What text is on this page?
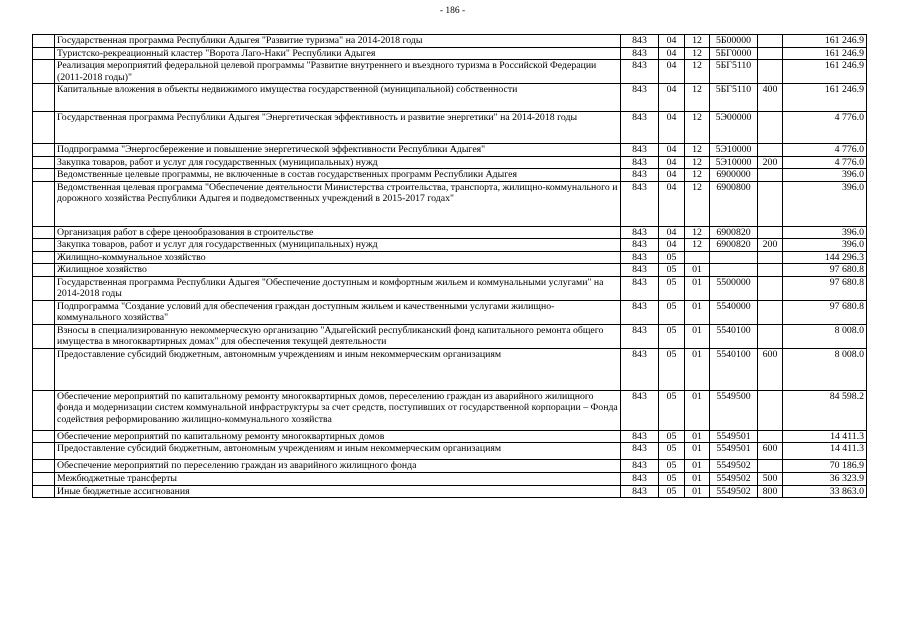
- 186 -
	Государственная программа Республики Адыгея "Развитие туризма" на 2014-2018 годы	843	04	12	5Б00000		161 246.9
	Туристско-рекреационный кластер "Ворота Лаго-Наки" Республики Адыгея	843	04	12	5БГ0000		161 246.9
	Реализация мероприятий федеральной целевой программы "Развитие внутреннего и въездного туризма в Российской Федерации (2011-2018 годы)"	843	04	12	5БГ5110		161 246.9
	Капитальные вложения в объекты недвижимого имущества государственной (муниципальной) собственности	843	04	12	5БГ5110	400	161 246.9
	Государственная программа Республики Адыгея "Энергетическая эффективность и развитие энергетики" на 2014-2018 годы	843	04	12	5Э00000		4 776.0
	Подпрограмма "Энергосбережение и повышение энергетической эффективности Республики Адыгея"	843	04	12	5Э10000		4 776.0
	Закупка товаров, работ и услуг для государственных (муниципальных) нужд	843	04	12	5Э10000	200	4 776.0
	Ведомственные целевые программы, не включенные в состав государственных программ Республики Адыгея	843	04	12	6900000		396.0
	Ведомственная целевая программа "Обеспечение деятельности Министерства строительства, транспорта, жилищно-коммунального и дорожного хозяйства Республики Адыгея и подведомственных учреждений в 2015-2017 годах"	843	04	12	6900800		396.0
	Организация работ в сфере ценообразования в строительстве	843	04	12	6900820		396.0
	Закупка товаров, работ и услуг для государственных (муниципальных) нужд	843	04	12	6900820	200	396.0
	Жилищно-коммунальное хозяйство	843	05				144 296.3
	Жилищное хозяйство	843	05	01			97 680.8
	Государственная программа Республики Адыгея "Обеспечение доступным и комфортным жильем и коммунальными услугами" на 2014-2018 годы	843	05	01	5500000		97 680.8
	Подпрограмма "Создание условий для обеспечения граждан доступным жильем и качественными услугами жилищно-коммунального хозяйства"	843	05	01	5540000		97 680.8
	Взносы в специализированную некоммерческую организацию "Адыгейский республиканский фонд капитального ремонта общего имущества в многоквартирных домах" для обеспечения текущей деятельности	843	05	01	5540100		8 008.0
	Предоставление субсидий бюджетным, автономным учреждениям и иным некоммерческим организациям	843	05	01	5540100	600	8 008.0
	Обеспечение мероприятий по капитальному ремонту многоквартирных домов, переселению граждан из аварийного жилищного фонда и модернизации систем коммунальной инфраструктуры за счет средств, поступивших от государственной корпорации – Фонда содействия реформированию жилищно-коммунального хозяйства	843	05	01	5549500		84 598.2
	Обеспечение мероприятий по капитальному ремонту многоквартирных домов	843	05	01	5549501		14 411.3
	Предоставление субсидий бюджетным, автономным учреждениям и иным некоммерческим организациям	843	05	01	5549501	600	14 411.3
	Обеспечение мероприятий по переселению граждан из аварийного жилищного фонда	843	05	01	5549502		70 186.9
	Межбюджетные трансферты	843	05	01	5549502	500	36 323.9
	Иные бюджетные ассигнования	843	05	01	5549502	800	33 863.0
